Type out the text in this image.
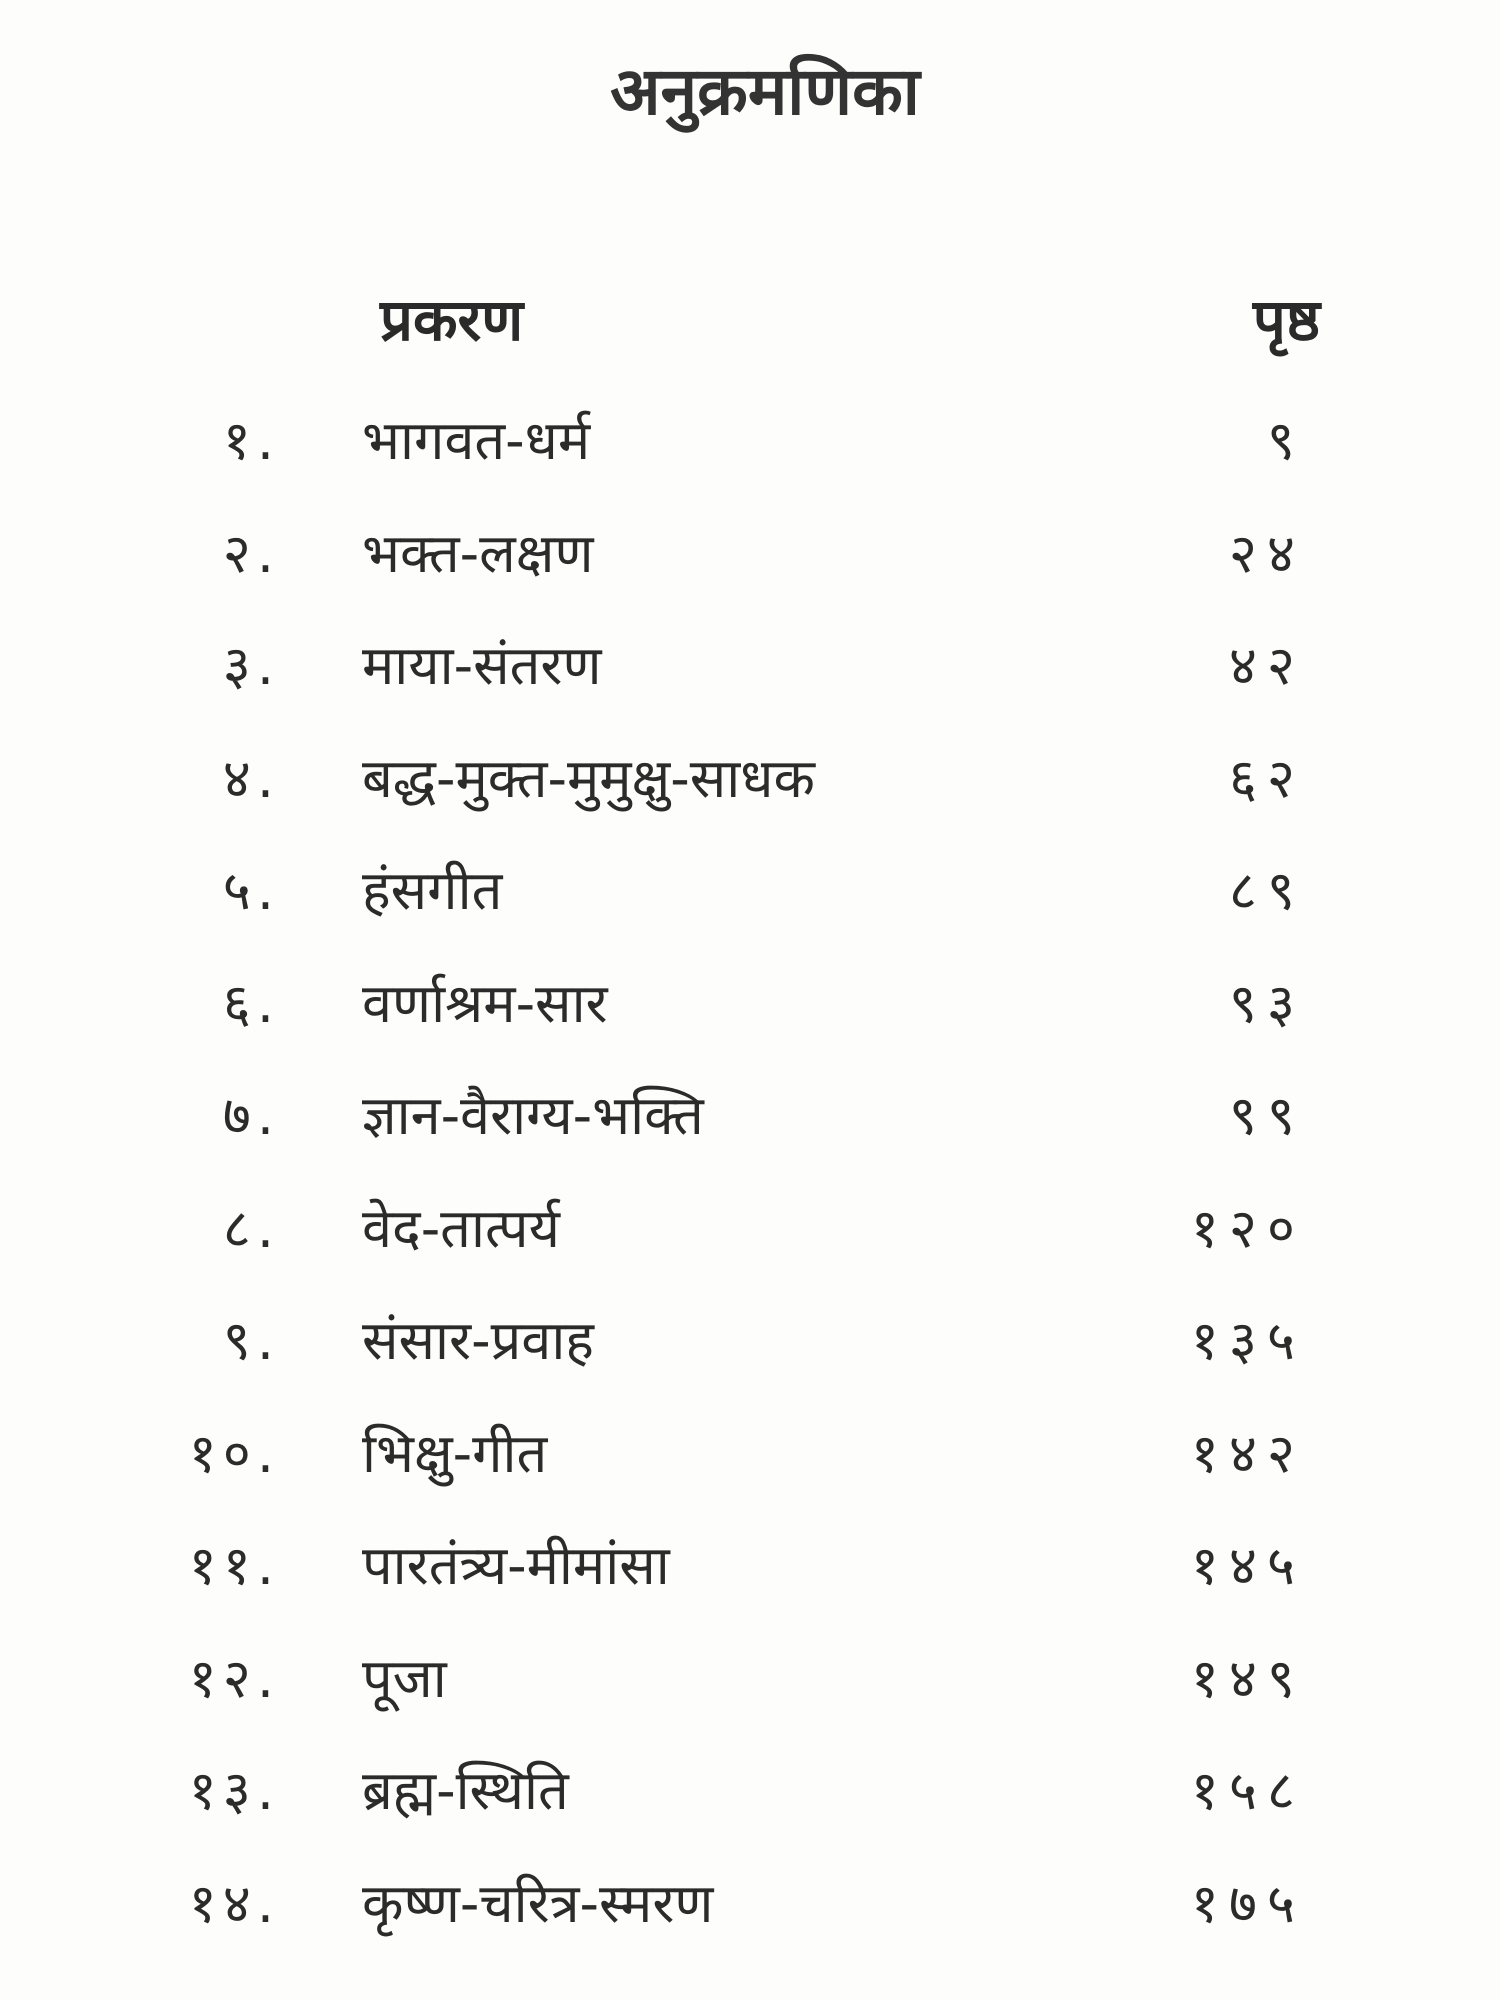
अनुक्रमणिका
प्रकरण	पृष्ठ
१. भागवत-धर्म	९
२. भक्त-लक्षण	२४
३. माया-संतरण	४२
४. बद्ध-मुक्त-मुमुक्षु-साधक	६२
५. हंसगीत	८९
६. वर्णाश्रम-सार	९३
७. ज्ञान-वैराग्य-भक्ति	९९
८. वेद-तात्पर्य	१२०
९. संसार-प्रवाह	१३५
१०. भिक्षु-गीत	१४२
११. पारतंत्र्य-मीमांसा	१४५
१२. पूजा	१४९
१३. ब्रह्म-स्थिति	१५८
१४. कृष्ण-चरित्र-स्मरण	१७५
